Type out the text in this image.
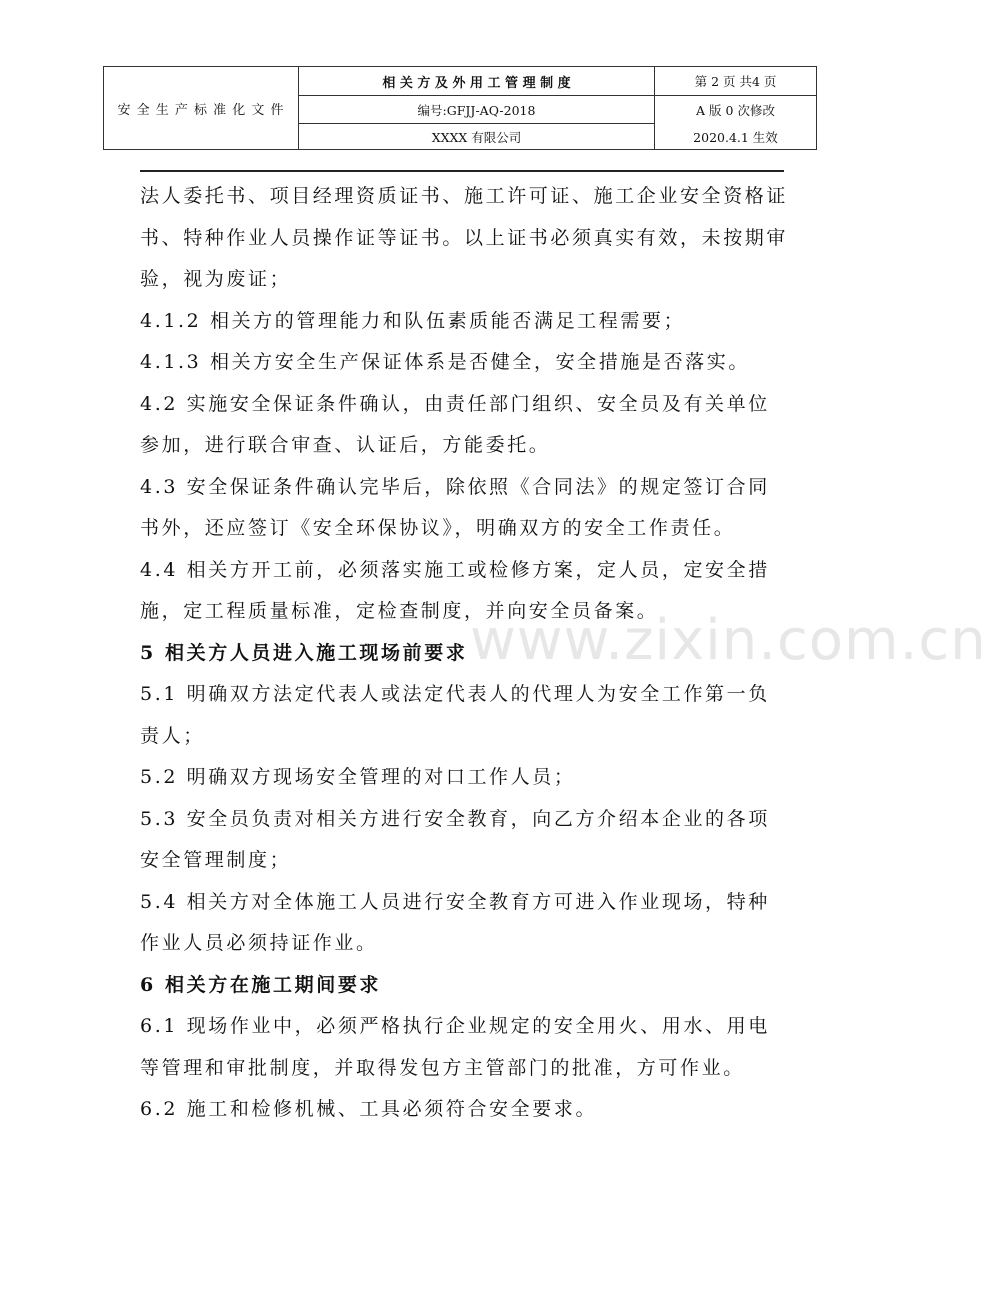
安 全 生 产 标 准 化 文 件
相 关 方 及 外 用 工 管 理 制 度	第 2 页 共4 页
编号:GFJJ-AQ-2018	A 版 0 次修改
XXXX 有限公司	2020.4.1 生效
www.zixin.com.cn

法人委托书、项目经理资质证书、施工许可证、施工企业安全资格证书、特种作业人员操作证等证书。以上证书必须真实有效，未按期审验，视为废证；

4.1.2 相关方的管理能力和队伍素质能否满足工程需要；

4.1.3 相关方安全生产保证体系是否健全，安全措施是否落实。

4.2 实施安全保证条件确认，由责任部门组织、安全员及有关单位参加，进行联合审查、认证后，方能委托。

4.3 安全保证条件确认完毕后，除依照《合同法》的规定签订合同书外，还应签订《安全环保协议》，明确双方的安全工作责任。

4.4 相关方开工前，必须落实施工或检修方案，定人员，定安全措施，定工程质量标准，定检查制度，并向安全员备案。

5 相关方人员进入施工现场前要求

5.1 明确双方法定代表人或法定代表人的代理人为安全工作第一负责人；

5.2 明确双方现场安全管理的对口工作人员；

5.3 安全员负责对相关方进行安全教育，向乙方介绍本企业的各项安全管理制度；

5.4 相关方对全体施工人员进行安全教育方可进入作业现场，特种作业人员必须持证作业。

6 相关方在施工期间要求

6.1 现场作业中，必须严格执行企业规定的安全用火、用水、用电等管理和审批制度，并取得发包方主管部门的批准，方可作业。

6.2 施工和检修机械、工具必须符合安全要求。
